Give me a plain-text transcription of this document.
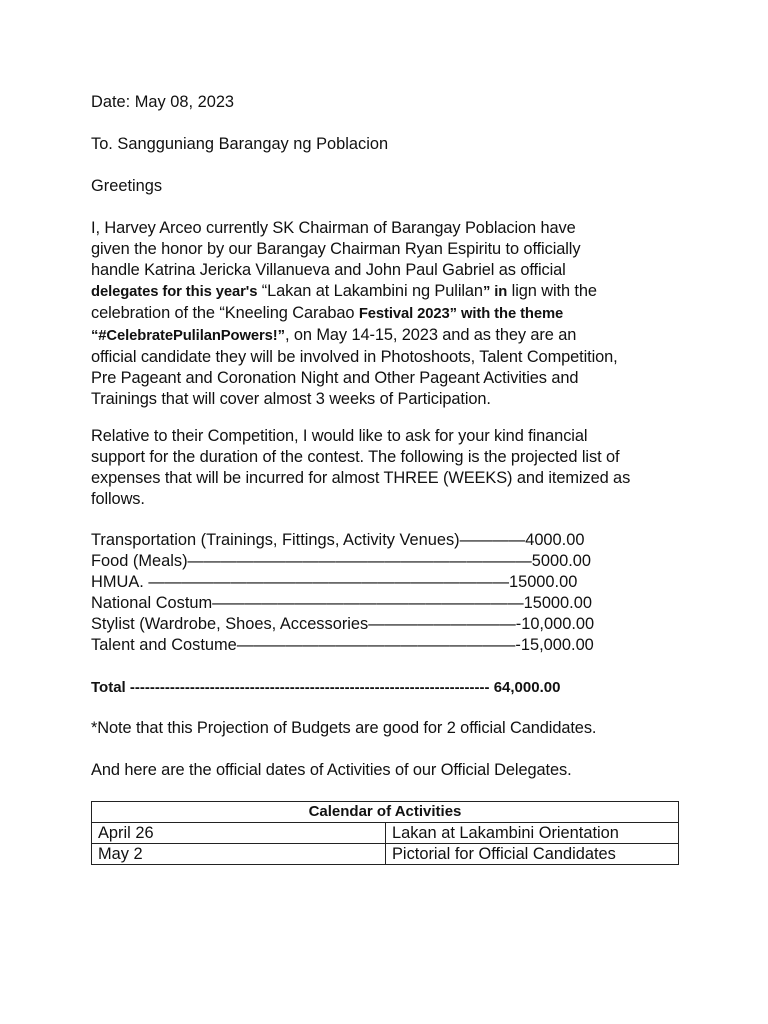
Date: May 08, 2023

To. Sangguniang Barangay ng Poblacion

Greetings

I, Harvey Arceo currently SK Chairman of Barangay Poblacion have
given the honor by our Barangay Chairman Ryan Espiritu to officially
handle Katrina Jericka Villanueva and John Paul Gabriel as official
delegates for this year's “Lakan at Lakambini ng Pulilan” in lign with the
celebration of the “Kneeling Carabao Festival 2023” with the theme
“#CelebratePulilanPowers!”, on May 14-15, 2023 and as they are an
official candidate they will be involved in Photoshoots, Talent Competition,
Pre Pageant and Coronation Night and Other Pageant Activities and
Trainings that will cover almost 3 weeks of Participation.
Relative to their Competition, I would like to ask for your kind financial
support for the duration of the contest. The following is the projected list of
expenses that will be incurred for almost THREE (WEEKS) and itemized as
follows.
Transportation (Trainings, Fittings, Activity Venues)————4000.00
Food (Meals)—————————————————————5000.00
HMUA. ——————————————————————15000.00
National Costum———————————————————15000.00
Stylist (Wardrobe, Shoes, Accessories—————————-10,000.00
Talent and Costume—————————————————-15,000.00
Total ------------------------------------------------------------------------ 64,000.00

*Note that this Projection of Budgets are good for 2 official Candidates.

And here are the official dates of Activities of our Official Delegates.

Calendar of Activities	
April 26	Lakan at Lakambini Orientation
May 2	Pictorial for Official Candidates
